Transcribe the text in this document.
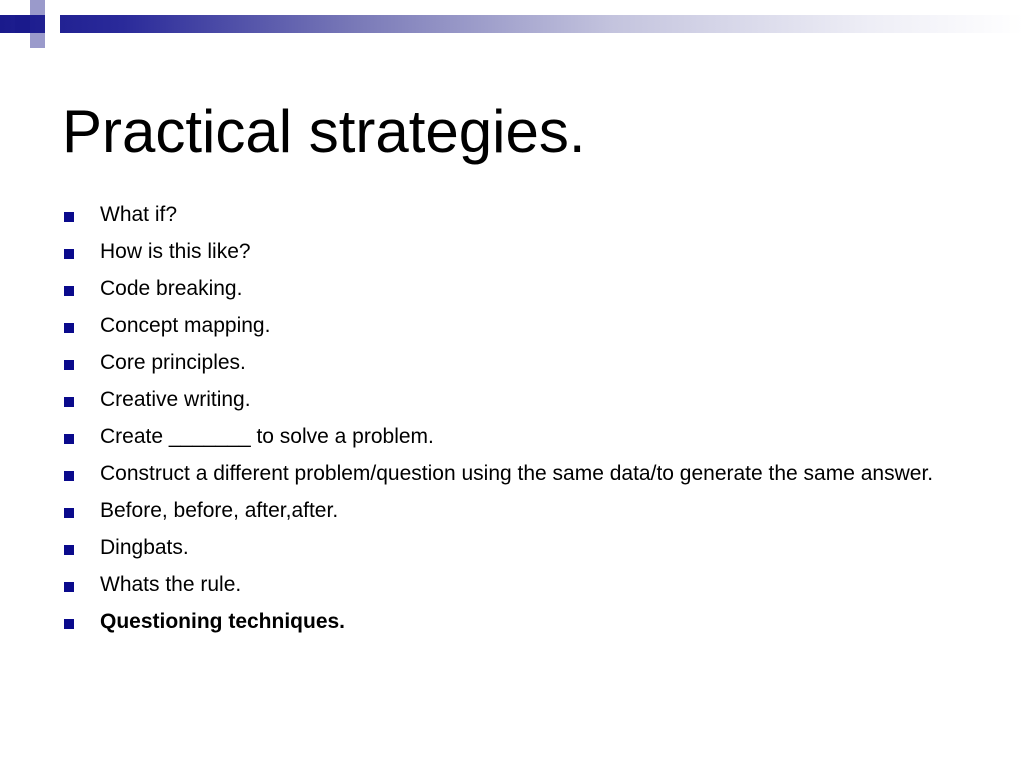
Practical strategies.
What if?
How is this like?
Code breaking.
Concept mapping.
Core principles.
Creative writing.
Create _______ to solve a problem.
Construct a different problem/question using the same data/to generate the same answer.
Before, before, after,after.
Dingbats.
Whats the rule.
Questioning techniques.
